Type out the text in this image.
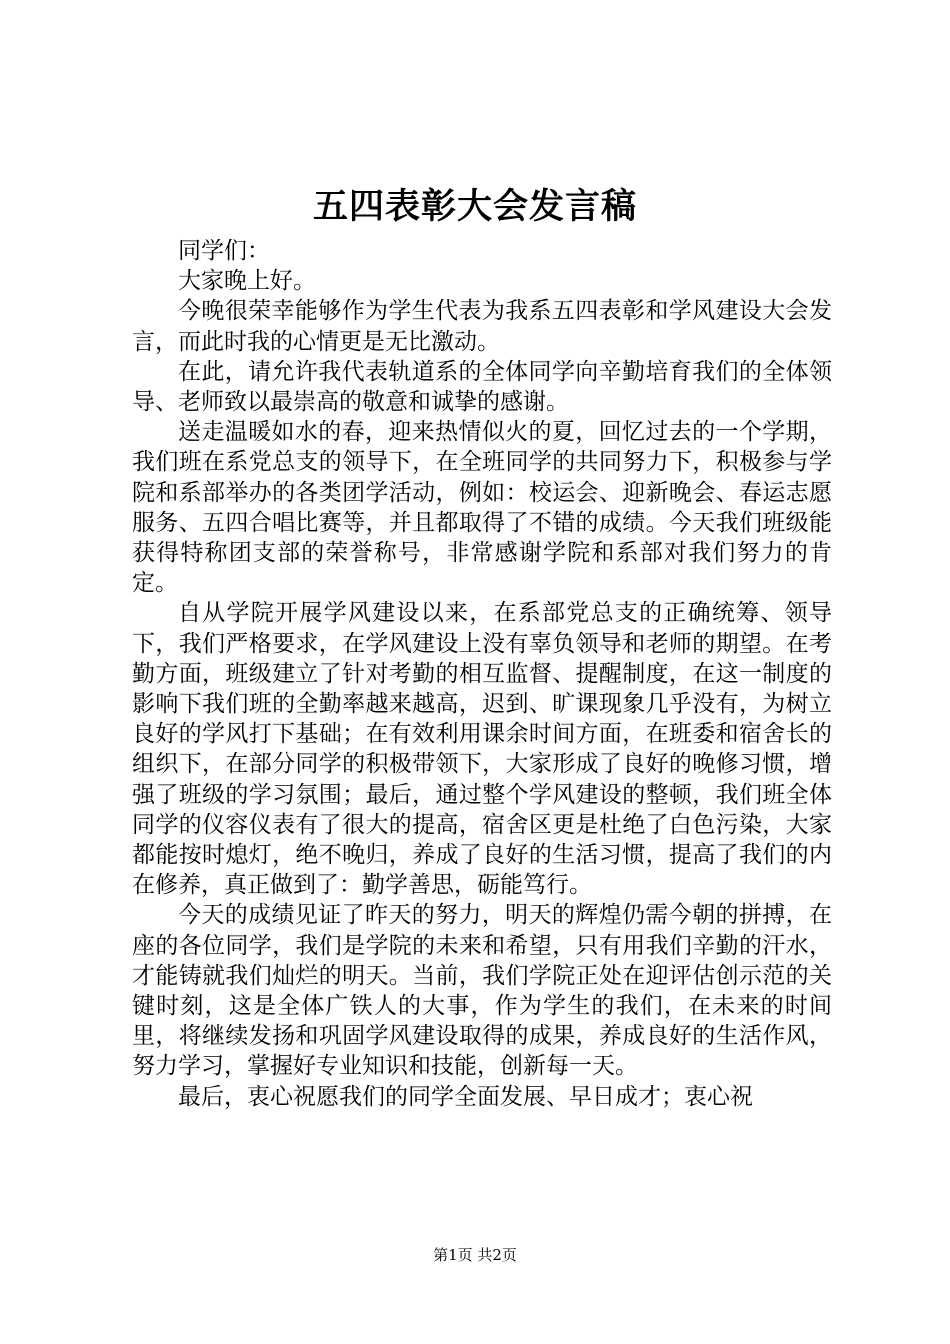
五四表彰大会发言稿

同学们：

大家晚上好。

今晚很荣幸能够作为学生代表为我系五四表彰和学风建设大会发言，而此时我的心情更是无比激动。

在此，请允许我代表轨道系的全体同学向辛勤培育我们的全体领导、老师致以最崇高的敬意和诚挚的感谢。

送走温暖如水的春，迎来热情似火的夏，回忆过去的一个学期，我们班在系党总支的领导下，在全班同学的共同努力下，积极参与学院和系部举办的各类团学活动，例如：校运会、迎新晚会、春运志愿服务、五四合唱比赛等，并且都取得了不错的成绩。今天我们班级能获得特称团支部的荣誉称号，非常感谢学院和系部对我们努力的肯定。

自从学院开展学风建设以来，在系部党总支的正确统筹、领导下，我们严格要求，在学风建设上没有辜负领导和老师的期望。在考勤方面，班级建立了针对考勤的相互监督、提醒制度，在这一制度的影响下我们班的全勤率越来越高，迟到、旷课现象几乎没有，为树立良好的学风打下基础；在有效利用课余时间方面，在班委和宿舍长的组织下，在部分同学的积极带领下，大家形成了良好的晚修习惯，增强了班级的学习氛围；最后，通过整个学风建设的整顿，我们班全体同学的仪容仪表有了很大的提高，宿舍区更是杜绝了白色污染，大家都能按时熄灯，绝不晚归，养成了良好的生活习惯，提高了我们的内在修养，真正做到了：勤学善思，砺能笃行。

今天的成绩见证了昨天的努力，明天的辉煌仍需今朝的拼搏，在座的各位同学，我们是学院的未来和希望，只有用我们辛勤的汗水，才能铸就我们灿烂的明天。当前，我们学院正处在迎评估创示范的关键时刻，这是全体广铁人的大事，作为学生的我们，在未来的时间里，将继续发扬和巩固学风建设取得的成果，养成良好的生活作风，努力学习，掌握好专业知识和技能，创新每一天。

最后，衷心祝愿我们的同学全面发展、早日成才；衷心祝

第1页 共2页
